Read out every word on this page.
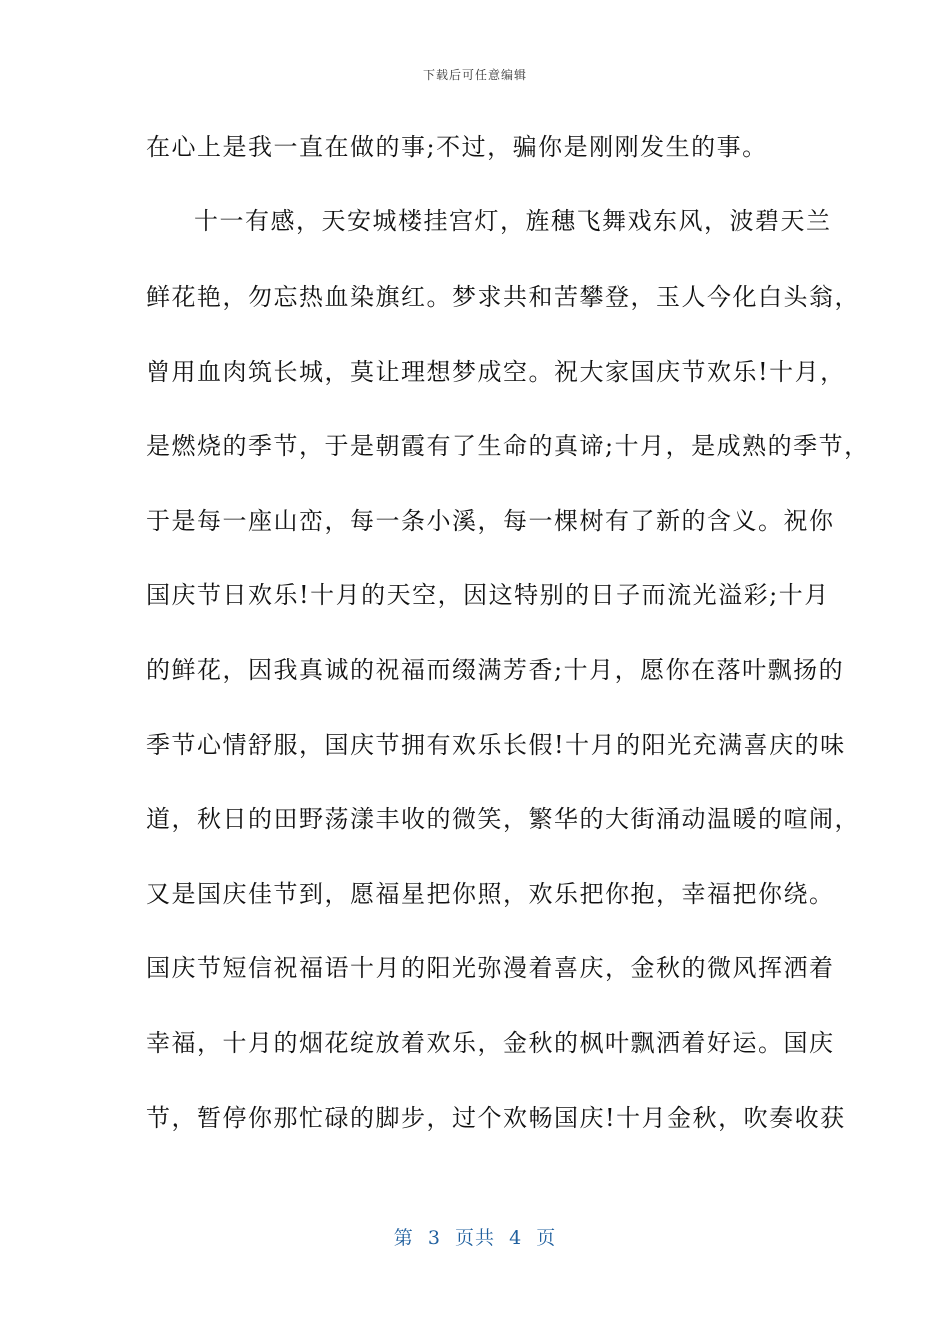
下载后可任意编辑
在心上是我一直在做的事;不过，骗你是刚刚发生的事。
十一有感，天安城楼挂宫灯，旌穗飞舞戏东风，波碧天兰
鲜花艳，勿忘热血染旗红。梦求共和苦攀登，玉人今化白头翁，
曾用血肉筑长城，莫让理想梦成空。祝大家国庆节欢乐!十月，
是燃烧的季节，于是朝霞有了生命的真谛;十月，是成熟的季节，
于是每一座山峦，每一条小溪，每一棵树有了新的含义。祝你
国庆节日欢乐!十月的天空，因这特别的日子而流光溢彩;十月
的鲜花，因我真诚的祝福而缀满芳香;十月，愿你在落叶飘扬的
季节心情舒服，国庆节拥有欢乐长假!十月的阳光充满喜庆的味
道，秋日的田野荡漾丰收的微笑，繁华的大街涌动温暖的喧闹，
又是国庆佳节到，愿福星把你照，欢乐把你抱，幸福把你绕。
国庆节短信祝福语十月的阳光弥漫着喜庆，金秋的微风挥洒着
幸福，十月的烟花绽放着欢乐，金秋的枫叶飘洒着好运。国庆
节，暂停你那忙碌的脚步，过个欢畅国庆!十月金秋，吹奏收获
第  3  页共  4  页
